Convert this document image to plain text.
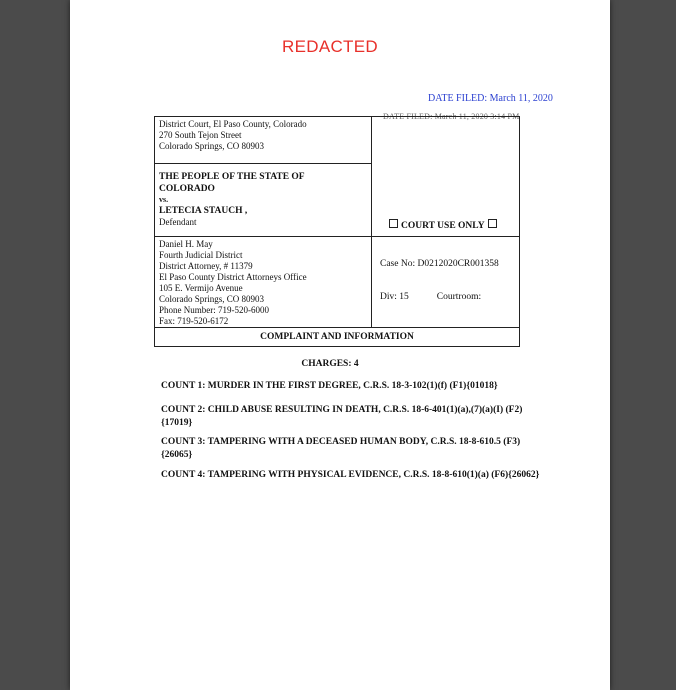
REDACTED
DATE FILED: March 11, 2020
DATE FILED: March 11, 2020 3:14 PM
District Court, El Paso County, Colorado
270 South Tejon Street
Colorado Springs, CO 80903
THE PEOPLE OF THE STATE OF
COLORADO
vs.
LETECIA STAUCH ,
Defendant
Daniel H. May
Fourth Judicial District
District Attorney, # 11379
El Paso County District Attorneys Office
105 E. Vermijo Avenue
Colorado Springs, CO 80903
Phone Number: 719-520-6000
Fax: 719-520-6172
COURT USE ONLY
Case No: D0212020CR001358
Div: 15	Courtroom:
COMPLAINT AND INFORMATION
CHARGES: 4
COUNT 1: MURDER IN THE FIRST DEGREE, C.R.S. 18-3-102(1)(f) (F1){01018}
COUNT 2: CHILD ABUSE RESULTING IN DEATH, C.R.S. 18-6-401(1)(a),(7)(a)(I) (F2){17019}
COUNT 3: TAMPERING WITH A DECEASED HUMAN BODY, C.R.S. 18-8-610.5 (F3){26065}
COUNT 4: TAMPERING WITH PHYSICAL EVIDENCE, C.R.S. 18-8-610(1)(a) (F6){26062}
